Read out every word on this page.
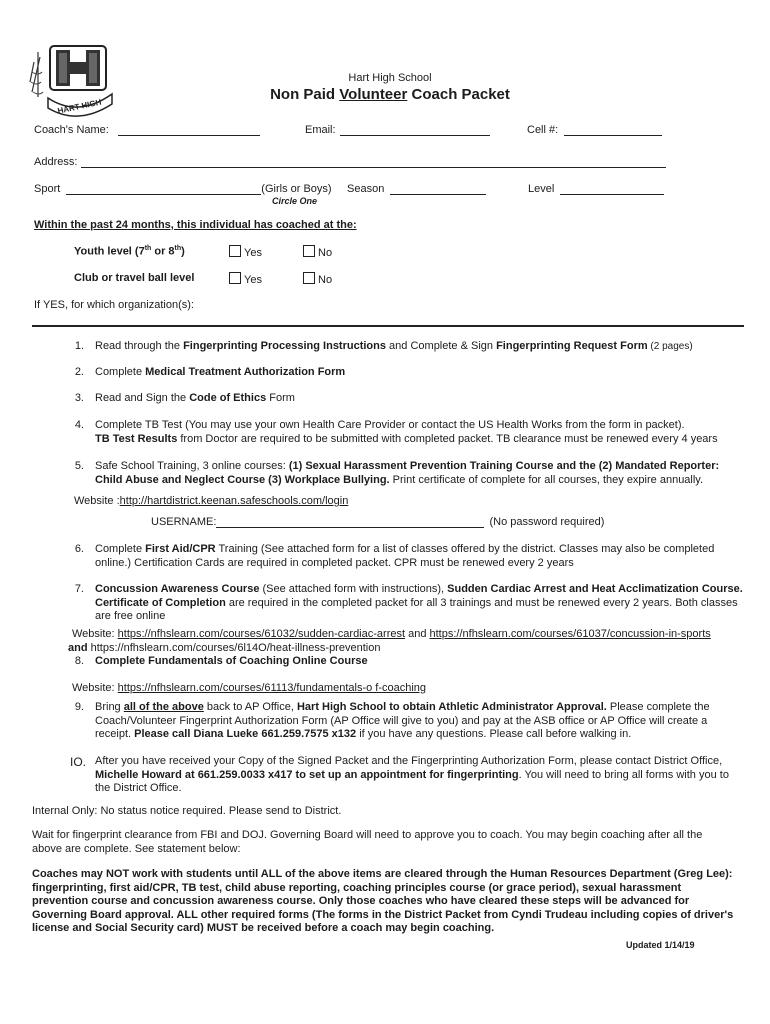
HART HIGH
Hart High School
Non Paid Volunteer Coach Packet
Coach's Name:	Email:	Cell #:
Address:
Sport	(Girls or Boys)
Circle One
Season	Level
Within the past 24 months, this individual has coached at the:
Youth level (7th or 8th)	Yes	No
Club or travel ball level	Yes	No
If YES, for which organization(s):
1. Read through the Fingerprinting Processing Instructions and Complete & Sign Fingerprinting Request Form (2 pages)
2. Complete Medical Treatment Authorization Form
3. Read and Sign the Code of Ethics Form
4. Complete TB Test (You may use your own Health Care Provider or contact the US Health Works from the form in packet).
TB Test Results from Doctor are required to be submitted with completed packet. TB clearance must be renewed every 4 years
5. Safe School Training, 3 online courses: (1) Sexual Harassment Prevention Training Course and the (2) Mandated Reporter: Child Abuse and Neglect Course (3) Workplace Bullying. Print certificate of complete for all courses, they expire annually.
Website :http://hartdistrict.keenan.safeschools.com/login
USERNAME:	(No password required)
6. Complete First Aid/CPR Training (See attached form for a list of classes offered by the district. Classes may also be completed online.) Certification Cards are required in completed packet. CPR must be renewed every 2 years
7. Concussion Awareness Course (See attached form with instructions), Sudden Cardiac Arrest and Heat Acclimatization Course. Certificate of Completion are required in the completed packet for all 3 trainings and must be renewed every 2 years. Both classes are free online
Website: https://nfhslearn.com/courses/61032/sudden-cardiac-arrest and https://nfhslearn.com/courses/61037/concussion-in-sports
and https://nfhslearn.com/courses/6l14O/heat-illness-prevention
8. Complete Fundamentals of Coaching Online Course
Website: https://nfhslearn.com/courses/61113/fundamentals-o f-coaching
9. Bring all of the above back to AP Office, Hart High School to obtain Athletic Administrator Approval. Please complete the Coach/Volunteer Fingerprint Authorization Form (AP Office will give to you) and pay at the ASB office or AP Office will create a receipt. Please call Diana Lueke 661.259.7575 x132 if you have any questions. Please call before walking in.
IO. After you have received your Copy of the Signed Packet and the Fingerprinting Authorization Form, please contact District Office, Michelle Howard at 661.259.0033 x417 to set up an appointment for fingerprinting. You will need to bring all forms with you to the District Office.
Internal Only: No status notice required. Please send to District.
Wait for fingerprint clearance from FBI and DOJ. Governing Board will need to approve you to coach. You may begin coaching after all the above are complete. See statement below:
Coaches may NOT work with students until ALL of the above items are cleared through the Human Resources Department (Greg Lee): fingerprinting, first aid/CPR, TB test, child abuse reporting, coaching principles course (or grace period), sexual harassment prevention course and concussion awareness course. Only those coaches who have cleared these steps will be advanced for Governing Board approval. ALL other required forms (The forms in the District Packet from Cyndi Trudeau including copies of driver's license and Social Security card) MUST be received before a coach may begin coaching.
Updated 1/14/19
